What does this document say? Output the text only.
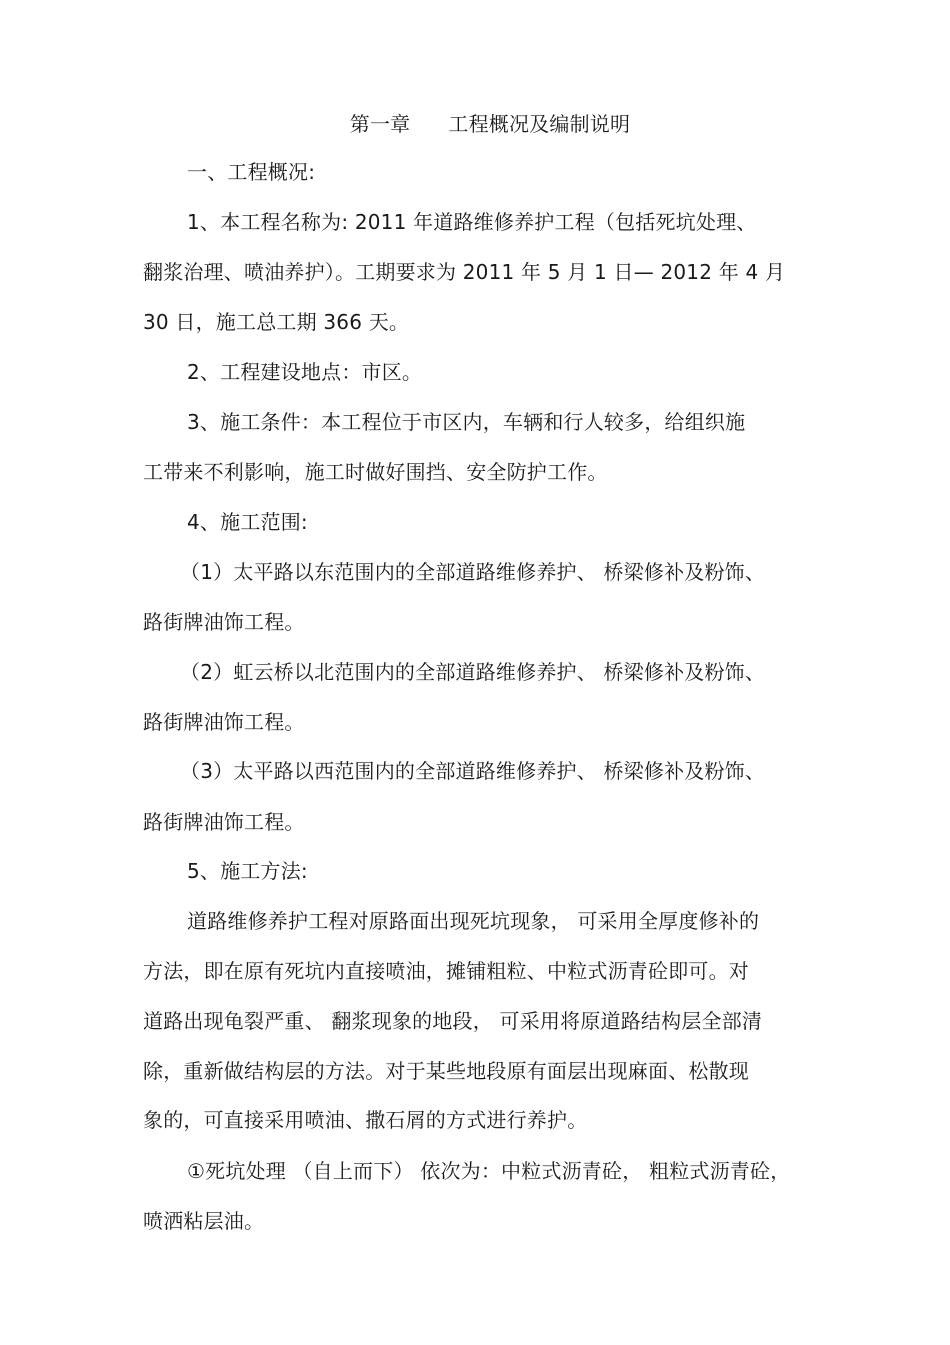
第一章 工程概况及编制说明
一、工程概况:
1、本工程名称为: 2011 年道路维修养护工程（包括死坑处理、
翻浆治理、喷油养护）。工期要求为 2011 年 5 月 1 日— 2012 年 4 月
30 日，施工总工期 366 天。
2、工程建设地点：市区。
3、施工条件：本工程位于市区内，车辆和行人较多，给组织施
工带来不利影响，施工时做好围挡、安全防护工作。
4、施工范围:
（1）太平路以东范围内的全部道路维修养护、 桥梁修补及粉饰、
路街牌油饰工程。
（2）虹云桥以北范围内的全部道路维修养护、 桥梁修补及粉饰、
路街牌油饰工程。
（3）太平路以西范围内的全部道路维修养护、 桥梁修补及粉饰、
路街牌油饰工程。
5、施工方法:
道路维修养护工程对原路面出现死坑现象， 可采用全厚度修补的
方法，即在原有死坑内直接喷油，摊铺粗粒、中粒式沥青砼即可。对
道路出现龟裂严重、 翻浆现象的地段， 可采用将原道路结构层全部清
除，重新做结构层的方法。对于某些地段原有面层出现麻面、松散现
象的，可直接采用喷油、撒石屑的方式进行养护。
①死坑处理 （自上而下） 依次为：中粒式沥青砼， 粗粒式沥青砼，
喷洒粘层油。
